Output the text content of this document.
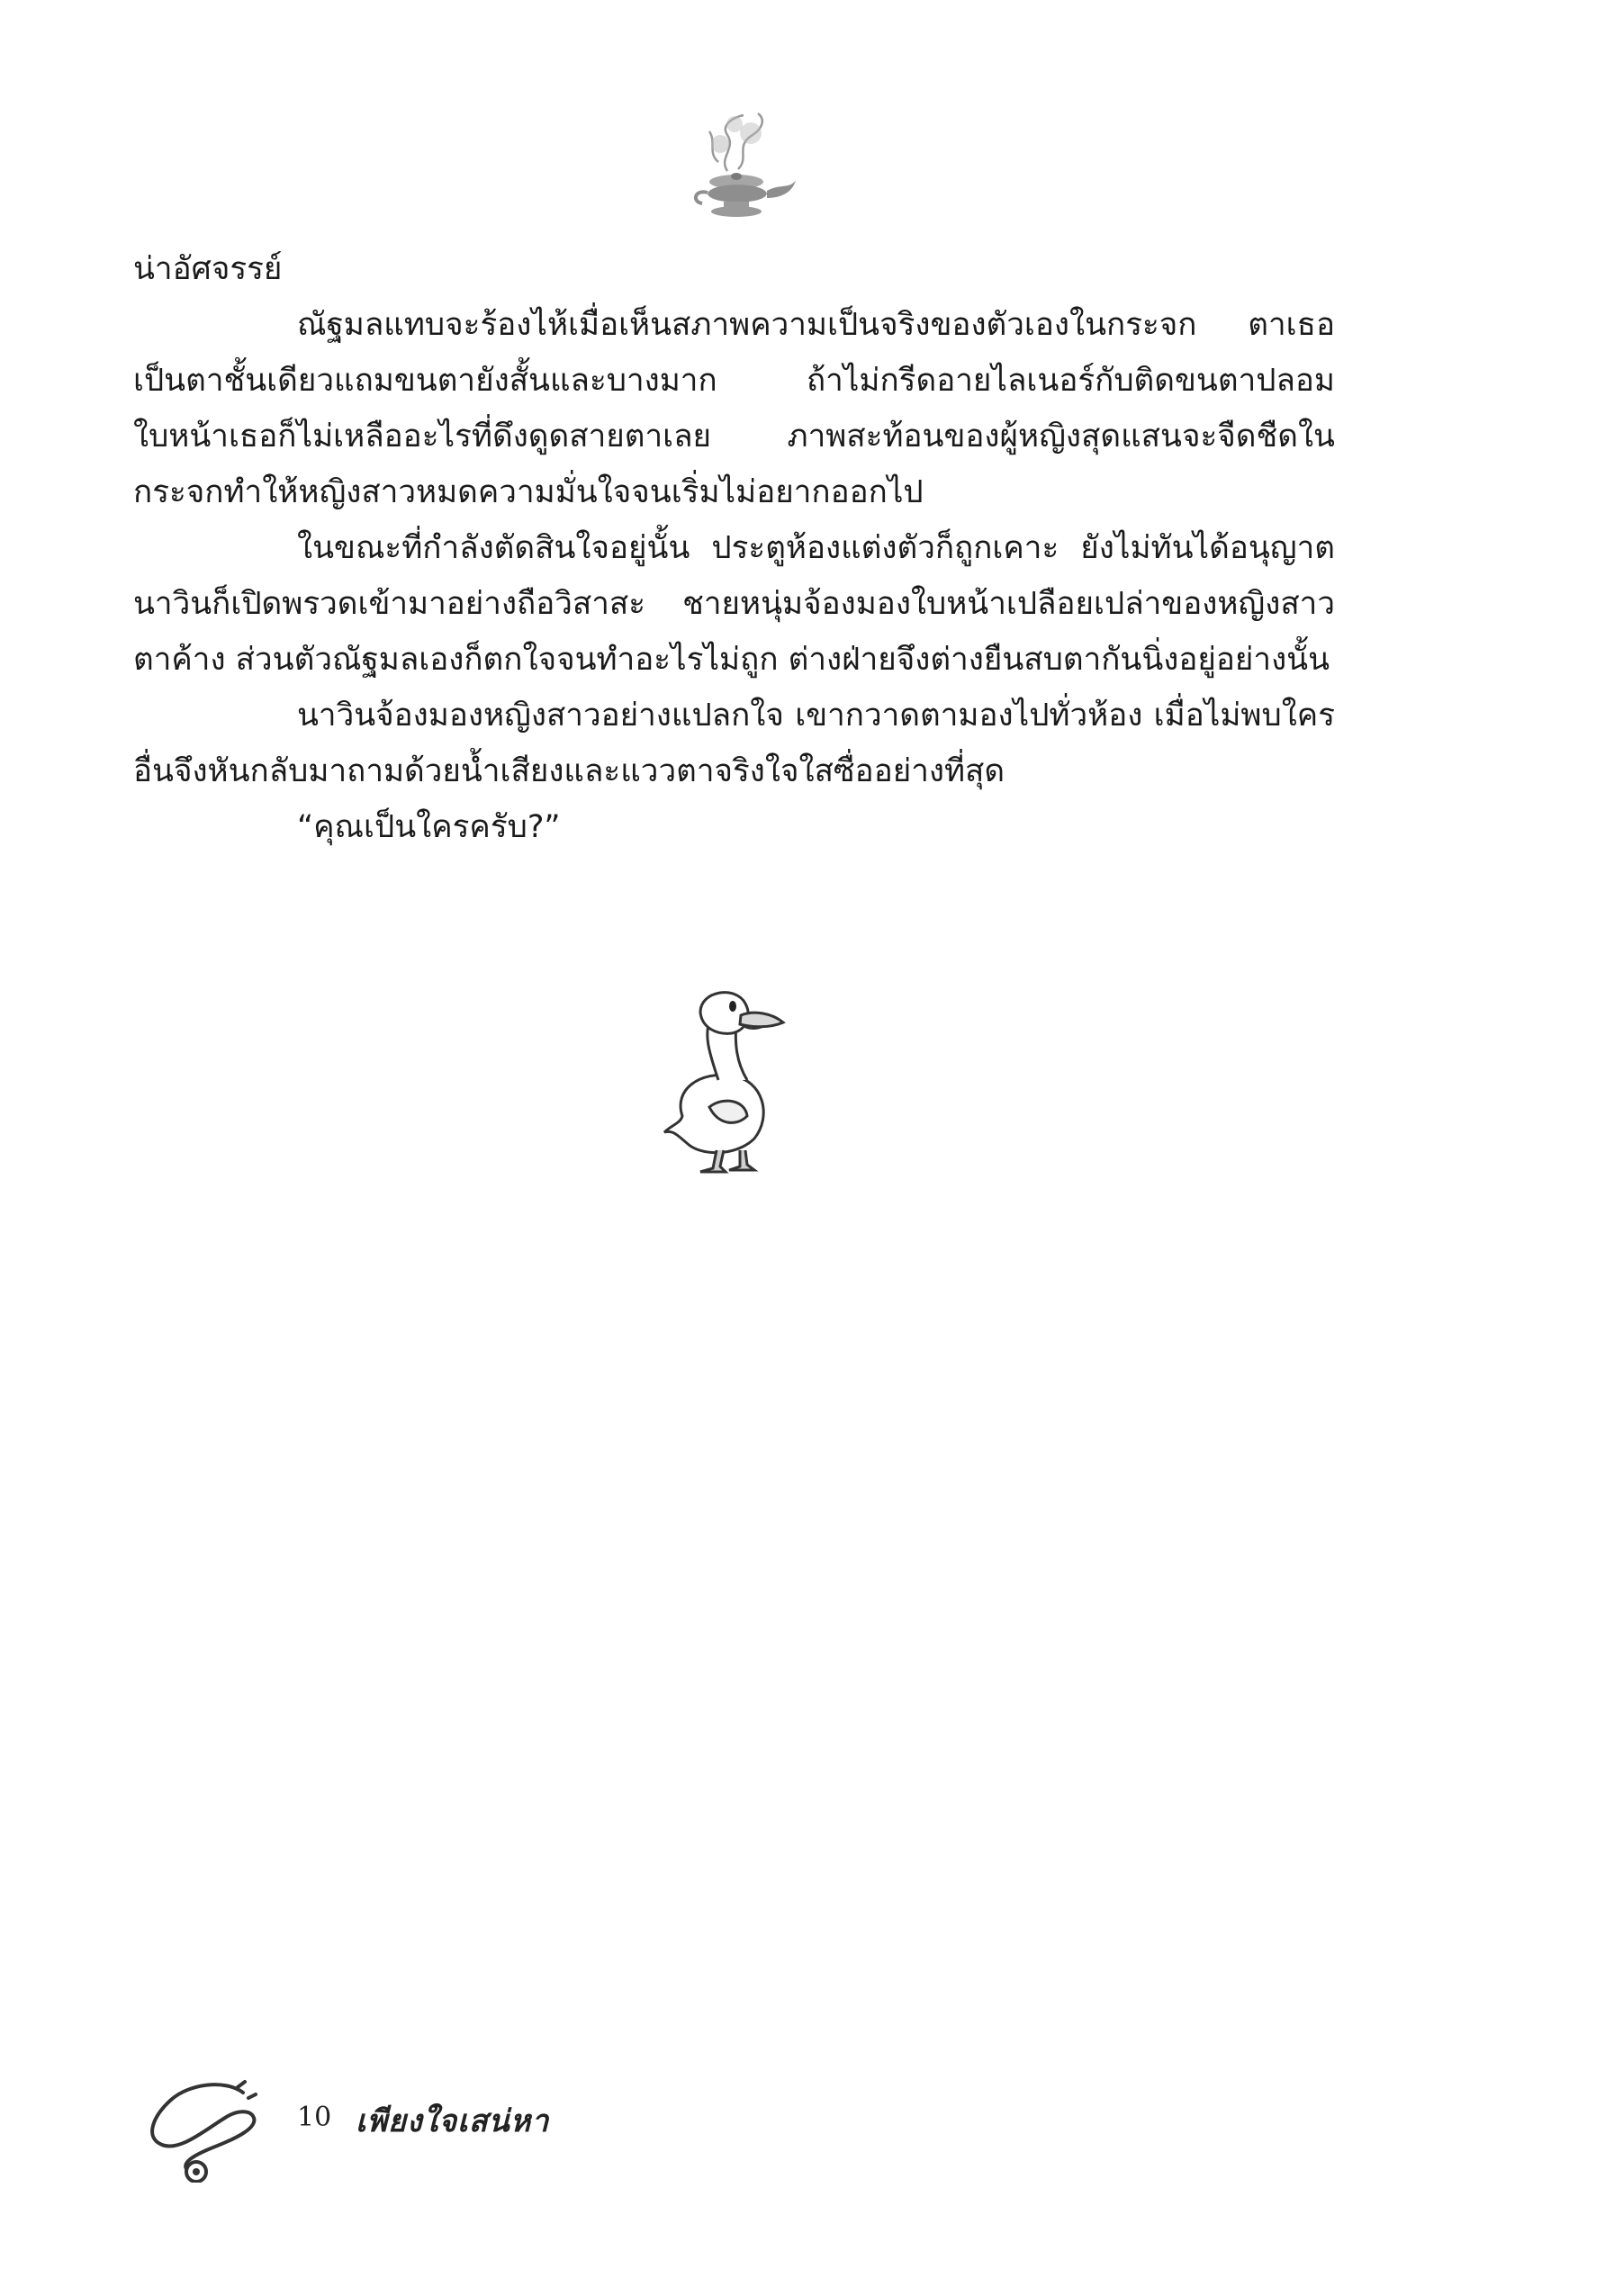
น่าอัศจรรย์

ณัฐมลแทบจะร้องไห้เมื่อเห็นสภาพความเป็นจริงของตัวเองในกระจก ตาเธอเป็นตาชั้นเดียวแถมขนตายังสั้นและบางมาก ถ้าไม่กรีดอายไลเนอร์กับติดขนตาปลอม ใบหน้าเธอก็ไม่เหลืออะไรที่ดึงดูดสายตาเลย ภาพสะท้อนของผู้หญิงสุดแสนจะจืดชืดในกระจกทำให้หญิงสาวหมดความมั่นใจจนเริ่มไม่อยากออกไป

ในขณะที่กำลังตัดสินใจอยู่นั้น ประตูห้องแต่งตัวก็ถูกเคาะ ยังไม่ทันได้อนุญาต นาวินก็เปิดพรวดเข้ามาอย่างถือวิสาสะ ชายหนุ่มจ้องมองใบหน้าเปลือยเปล่าของหญิงสาวตาค้าง ส่วนตัวณัฐมลเองก็ตกใจจนทำอะไรไม่ถูก ต่างฝ่ายจึงต่างยืนสบตากันนิ่งอยู่อย่างนั้น

นาวินจ้องมองหญิงสาวอย่างแปลกใจ เขากวาดตามองไปทั่วห้อง เมื่อไม่พบใครอื่นจึงหันกลับมาถามด้วยน้ำเสียงและแววตาจริงใจใสซื่ออย่างที่สุด

“คุณเป็นใครครับ?”

10 เพียงใจเสน่หา
